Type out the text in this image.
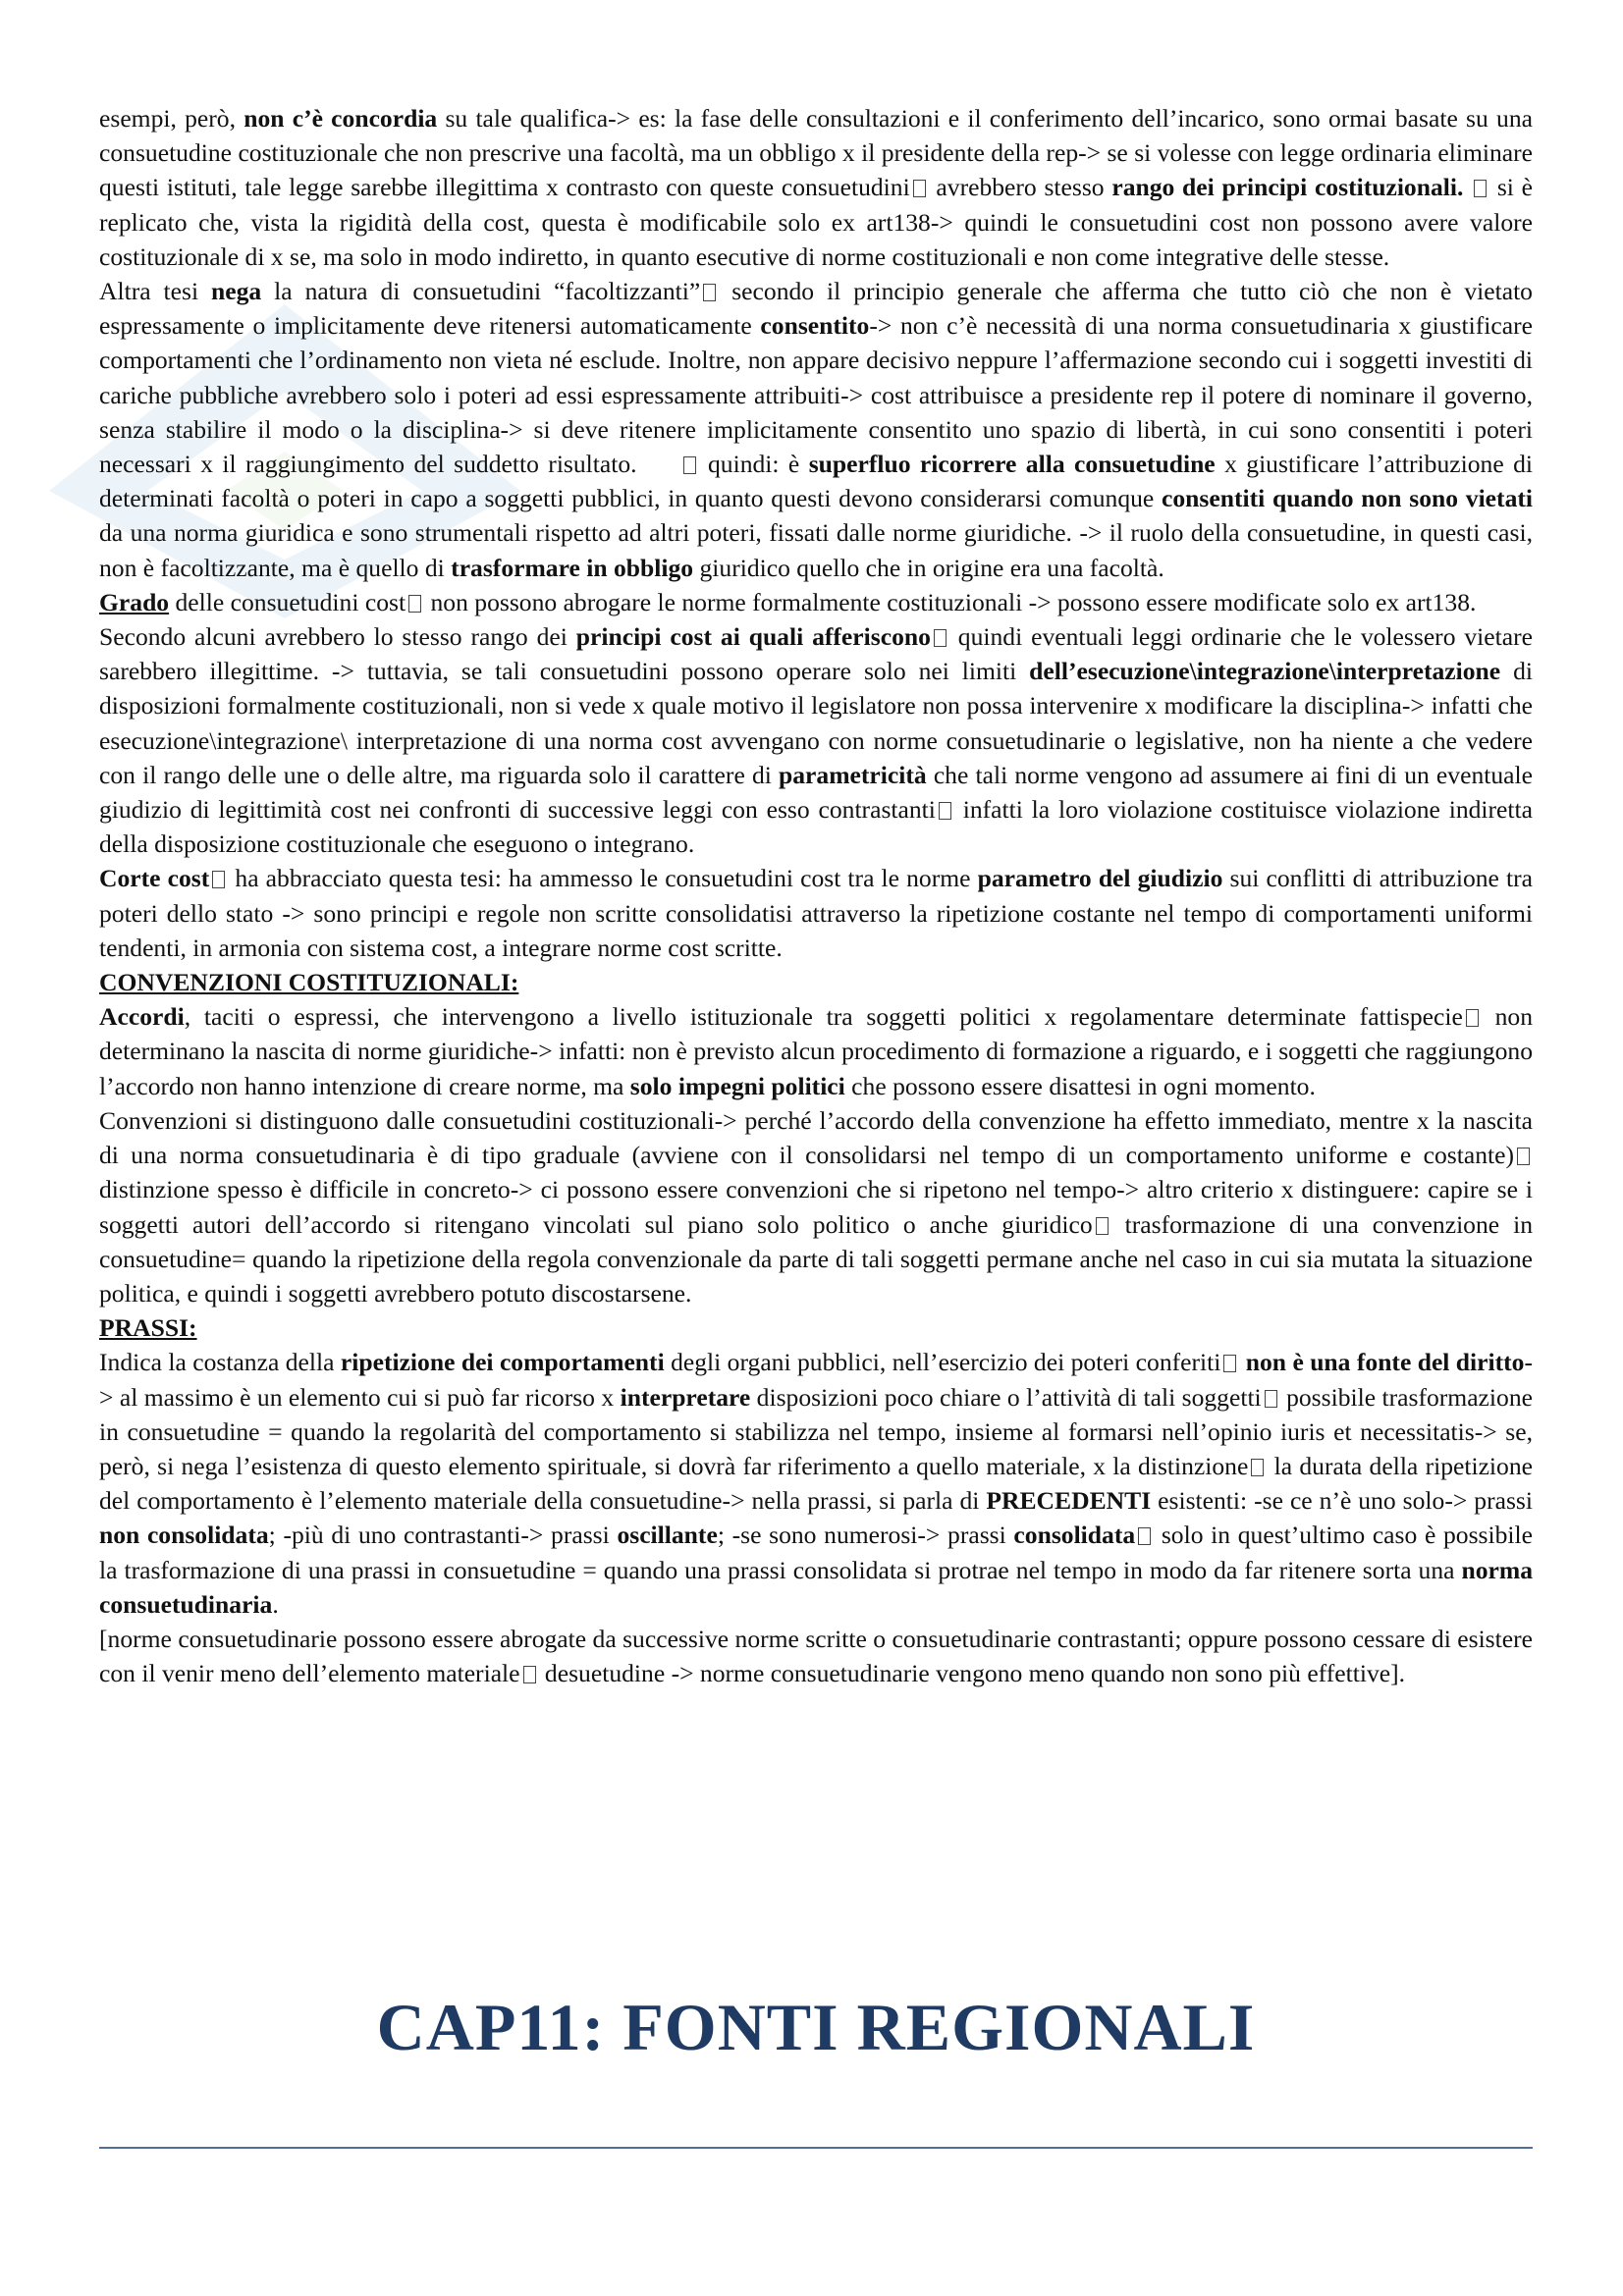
esempi, però, non c’è concordia su tale qualifica-> es: la fase delle consultazioni e il conferimento dell’incarico, sono ormai basate su una consuetudine costituzionale che non prescrive una facoltà, ma un obbligo x il presidente della rep-> se si volesse con legge ordinaria eliminare questi istituti, tale legge sarebbe illegittima x contrasto con queste consuetudini avrebbero stesso rango dei principi costituzionali.  si è replicato che, vista la rigidità della cost, questa è modificabile solo ex art138-> quindi le consuetudini cost non possono avere valore costituzionale di x se, ma solo in modo indiretto, in quanto esecutive di norme costituzionali e non come integrative delle stesse.

Altra tesi nega la natura di consuetudini “facoltizzanti” secondo il principio generale che afferma che tutto ciò che non è vietato espressamente o implicitamente deve ritenersi automaticamente consentito-> non c’è necessità di una norma consuetudinaria x giustificare comportamenti che l’ordinamento non vieta né esclude. Inoltre, non appare decisivo neppure l’affermazione secondo cui i soggetti investiti di cariche pubbliche avrebbero solo i poteri ad essi espressamente attribuiti-> cost attribuisce a presidente rep il potere di nominare il governo, senza stabilire il modo o la disciplina-> si deve ritenere implicitamente consentito uno spazio di libertà, in cui sono consentiti i poteri necessari x il raggiungimento del suddetto risultato. quindi: è superfluo ricorrere alla consuetudine x giustificare l’attribuzione di determinati facoltà o poteri in capo a soggetti pubblici, in quanto questi devono considerarsi comunque consentiti quando non sono vietati da una norma giuridica e sono strumentali rispetto ad altri poteri, fissati dalle norme giuridiche. -> il ruolo della consuetudine, in questi casi, non è facoltizzante, ma è quello di trasformare in obbligo giuridico quello che in origine era una facoltà.

Grado delle consuetudini cost non possono abrogare le norme formalmente costituzionali -> possono essere modificate solo ex art138.

Secondo alcuni avrebbero lo stesso rango dei principi cost ai quali afferiscono quindi eventuali leggi ordinarie che le volessero vietare sarebbero illegittime. -> tuttavia, se tali consuetudini possono operare solo nei limiti dell’esecuzione\integrazione\interpretazione di disposizioni formalmente costituzionali, non si vede x quale motivo il legislatore non possa intervenire x modificare la disciplina-> infatti che esecuzione\integrazione\ interpretazione di una norma cost avvengano con norme consuetudinarie o legislative, non ha niente a che vedere con il rango delle une o delle altre, ma riguarda solo il carattere di parametricità che tali norme vengono ad assumere ai fini di un eventuale giudizio di legittimità cost nei confronti di successive leggi con esso contrastanti infatti la loro violazione costituisce violazione indiretta della disposizione costituzionale che eseguono o integrano.

Corte cost ha abbracciato questa tesi: ha ammesso le consuetudini cost tra le norme parametro del giudizio sui conflitti di attribuzione tra poteri dello stato -> sono principi e regole non scritte consolidatisi attraverso la ripetizione costante nel tempo di comportamenti uniformi tendenti, in armonia con sistema cost, a integrare norme cost scritte.

CONVENZIONI COSTITUZIONALI:

Accordi, taciti o espressi, che intervengono a livello istituzionale tra soggetti politici x regolamentare determinate fattispecie non determinano la nascita di norme giuridiche-> infatti: non è previsto alcun procedimento di formazione a riguardo, e i soggetti che raggiungono l’accordo non hanno intenzione di creare norme, ma solo impegni politici che possono essere disattesi in ogni momento.

Convenzioni si distinguono dalle consuetudini costituzionali-> perché l’accordo della convenzione ha effetto immediato, mentre x la nascita di una norma consuetudinaria è di tipo graduale (avviene con il consolidarsi nel tempo di un comportamento uniforme e costante) distinzione spesso è difficile in concreto-> ci possono essere convenzioni che si ripetono nel tempo-> altro criterio x distinguere: capire se i soggetti autori dell’accordo si ritengano vincolati sul piano solo politico o anche giuridico trasformazione di una convenzione in consuetudine= quando la ripetizione della regola convenzionale da parte di tali soggetti permane anche nel caso in cui sia mutata la situazione politica, e quindi i soggetti avrebbero potuto discostarsene.

PRASSI:

Indica la costanza della ripetizione dei comportamenti degli organi pubblici, nell’esercizio dei poteri conferiti non è una fonte del diritto-> al massimo è un elemento cui si può far ricorso x interpretare disposizioni poco chiare o l’attività di tali soggetti possibile trasformazione in consuetudine = quando la regolarità del comportamento si stabilizza nel tempo, insieme al formarsi nell’opinio iuris et necessitatis-> se, però, si nega l’esistenza di questo elemento spirituale, si dovrà far riferimento a quello materiale, x la distinzione la durata della ripetizione del comportamento è l’elemento materiale della consuetudine-> nella prassi, si parla di PRECEDENTI esistenti: -se ce n’è uno solo-> prassi non consolidata; -più di uno contrastanti-> prassi oscillante; -se sono numerosi-> prassi consolidata solo in quest’ultimo caso è possibile la trasformazione di una prassi in consuetudine = quando una prassi consolidata si protrae nel tempo in modo da far ritenere sorta una norma consuetudinaria.

[norme consuetudinarie possono essere abrogate da successive norme scritte o consuetudinarie contrastanti; oppure possono cessare di esistere con il venir meno dell’elemento materiale desuetudine -> norme consuetudinarie vengono meno quando non sono più effettive].

CAP11: FONTI REGIONALI
